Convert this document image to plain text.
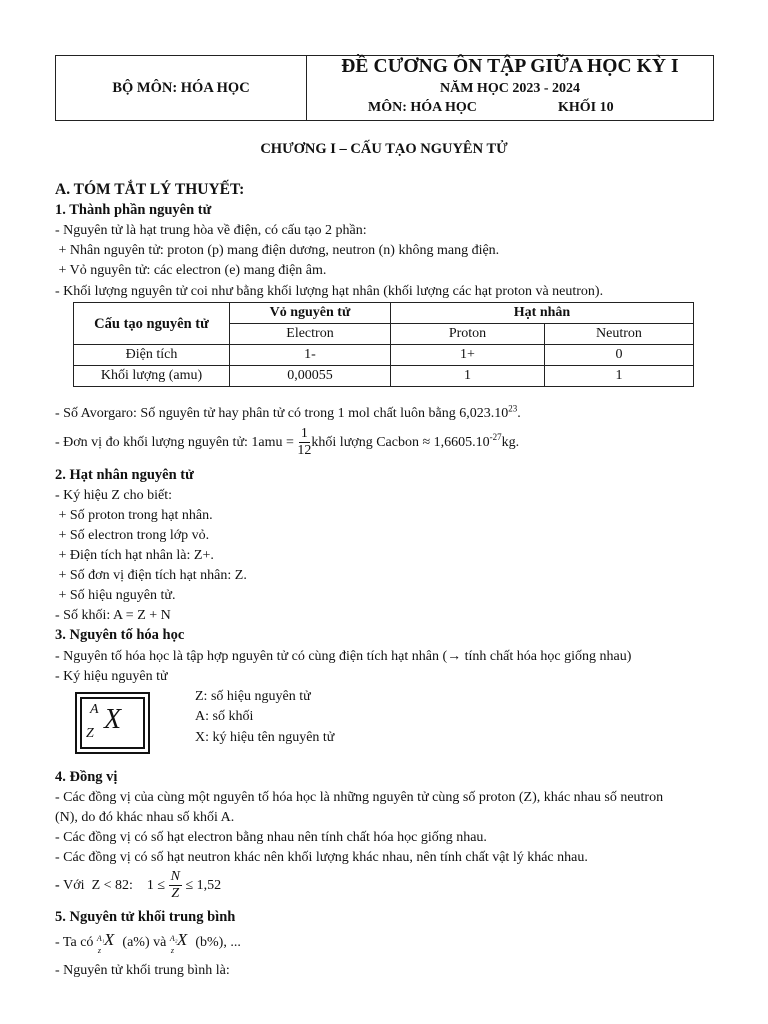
BỘ MÔN: HÓA HỌC
ĐỀ CƯƠNG ÔN TẬP GIỮA HỌC KỲ I
NĂM HỌC 2023 - 2024
MÔN: HÓA HỌC	KHỐI 10
CHƯƠNG I – CẤU TẠO NGUYÊN TỬ
A. TÓM TẮT LÝ THUYẾT:
1. Thành phần nguyên tử
- Nguyên tử là hạt trung hòa về điện, có cấu tạo 2 phần:
+ Nhân nguyên tử: proton (p) mang điện dương, neutron (n) không mang điện.
+ Vỏ nguyên tử: các electron (e) mang điện âm.
- Khối lượng nguyên tử coi như bằng khối lượng hạt nhân (khối lượng các hạt proton và neutron).
Cấu tạo nguyên tử	Vỏ nguyên tử	Hạt nhân	
	Electron	Proton	Neutron
Điện tích	1-	1+	0
Khối lượng (amu)	0,00055	1	1
- Số Avorgaro: Số nguyên tử hay phân tử có trong 1 mol chất luôn bằng 6,023.10$^{23}$.
- Đơn vị đo khối lượng nguyên tử: $1amu = \frac{1}{12}$ khối lượng Cacbon ≈ $1,6605.10^{-27}$ kg.
2. Hạt nhân nguyên tử
- Ký hiệu Z cho biết:
+ Số proton trong hạt nhân.
+ Số electron trong lớp vỏ.
+ Điện tích hạt nhân là: Z+.
+ Số đơn vị điện tích hạt nhân: Z.
+ Số hiệu nguyên tử.
- Số khối: A = Z + N
3. Nguyên tố hóa học
- Nguyên tố hóa học là tập hợp nguyên tử có cùng điện tích hạt nhân (→ tính chất hóa học giống nhau)
- Ký hiệu nguyên tử
A
Z X
Z: số hiệu nguyên tử
A: số khối
X: ký hiệu tên nguyên tử
4. Đồng vị
- Các đồng vị của cùng một nguyên tố hóa học là những nguyên tử cùng số proton (Z), khác nhau số neutron
(N), do đó khác nhau số khối A.
- Các đồng vị có số hạt electron bằng nhau nên tính chất hóa học giống nhau.
- Các đồng vị có số hạt neutron khác nên khối lượng khác nhau, nên tính chất vật lý khác nhau.
- Với  Z < 82:    $1 \le \frac{N}{Z} \le 1,52$
5. Nguyên tử khối trung bình
- Ta có A₁
z
X (a%) và A₂
z
X (b%), ...
- Nguyên tử khối trung bình là:
